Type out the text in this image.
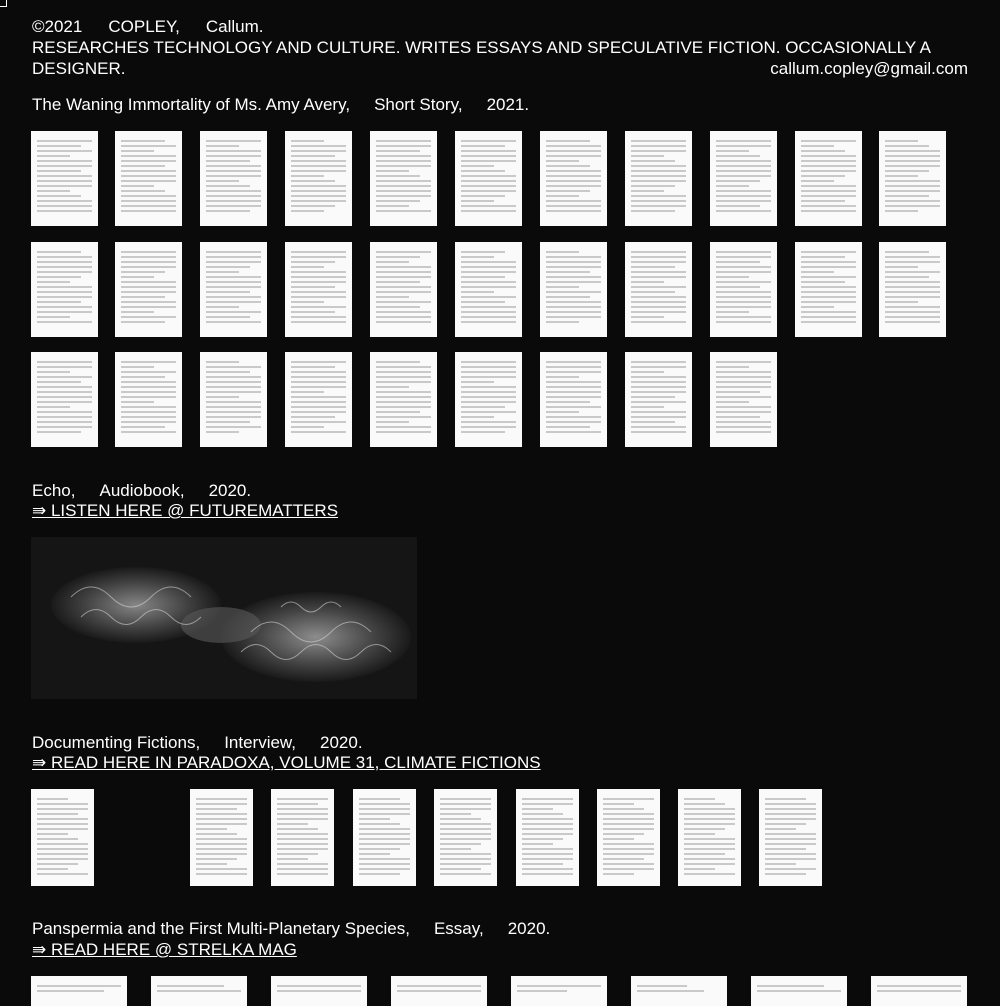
©2021 COPLEY, Callum.
RESEARCHES TECHNOLOGY AND CULTURE. WRITES ESSAYS AND SPECULATIVE FICTION. OCCASIONALLY A
DESIGNER.	callum.copley@gmail.com
The Waning Immortality of Ms. Amy Avery, Short Story, 2021.
Echo, Audiobook, 2020.
⇛ LISTEN HERE @ FUTUREMATTERS
Documenting Fictions, Interview, 2020.
⇛ READ HERE IN PARADOXA, VOLUME 31, CLIMATE FICTIONS
Panspermia and the First Multi-Planetary Species, Essay, 2020.
⇛ READ HERE @ STRELKA MAG
